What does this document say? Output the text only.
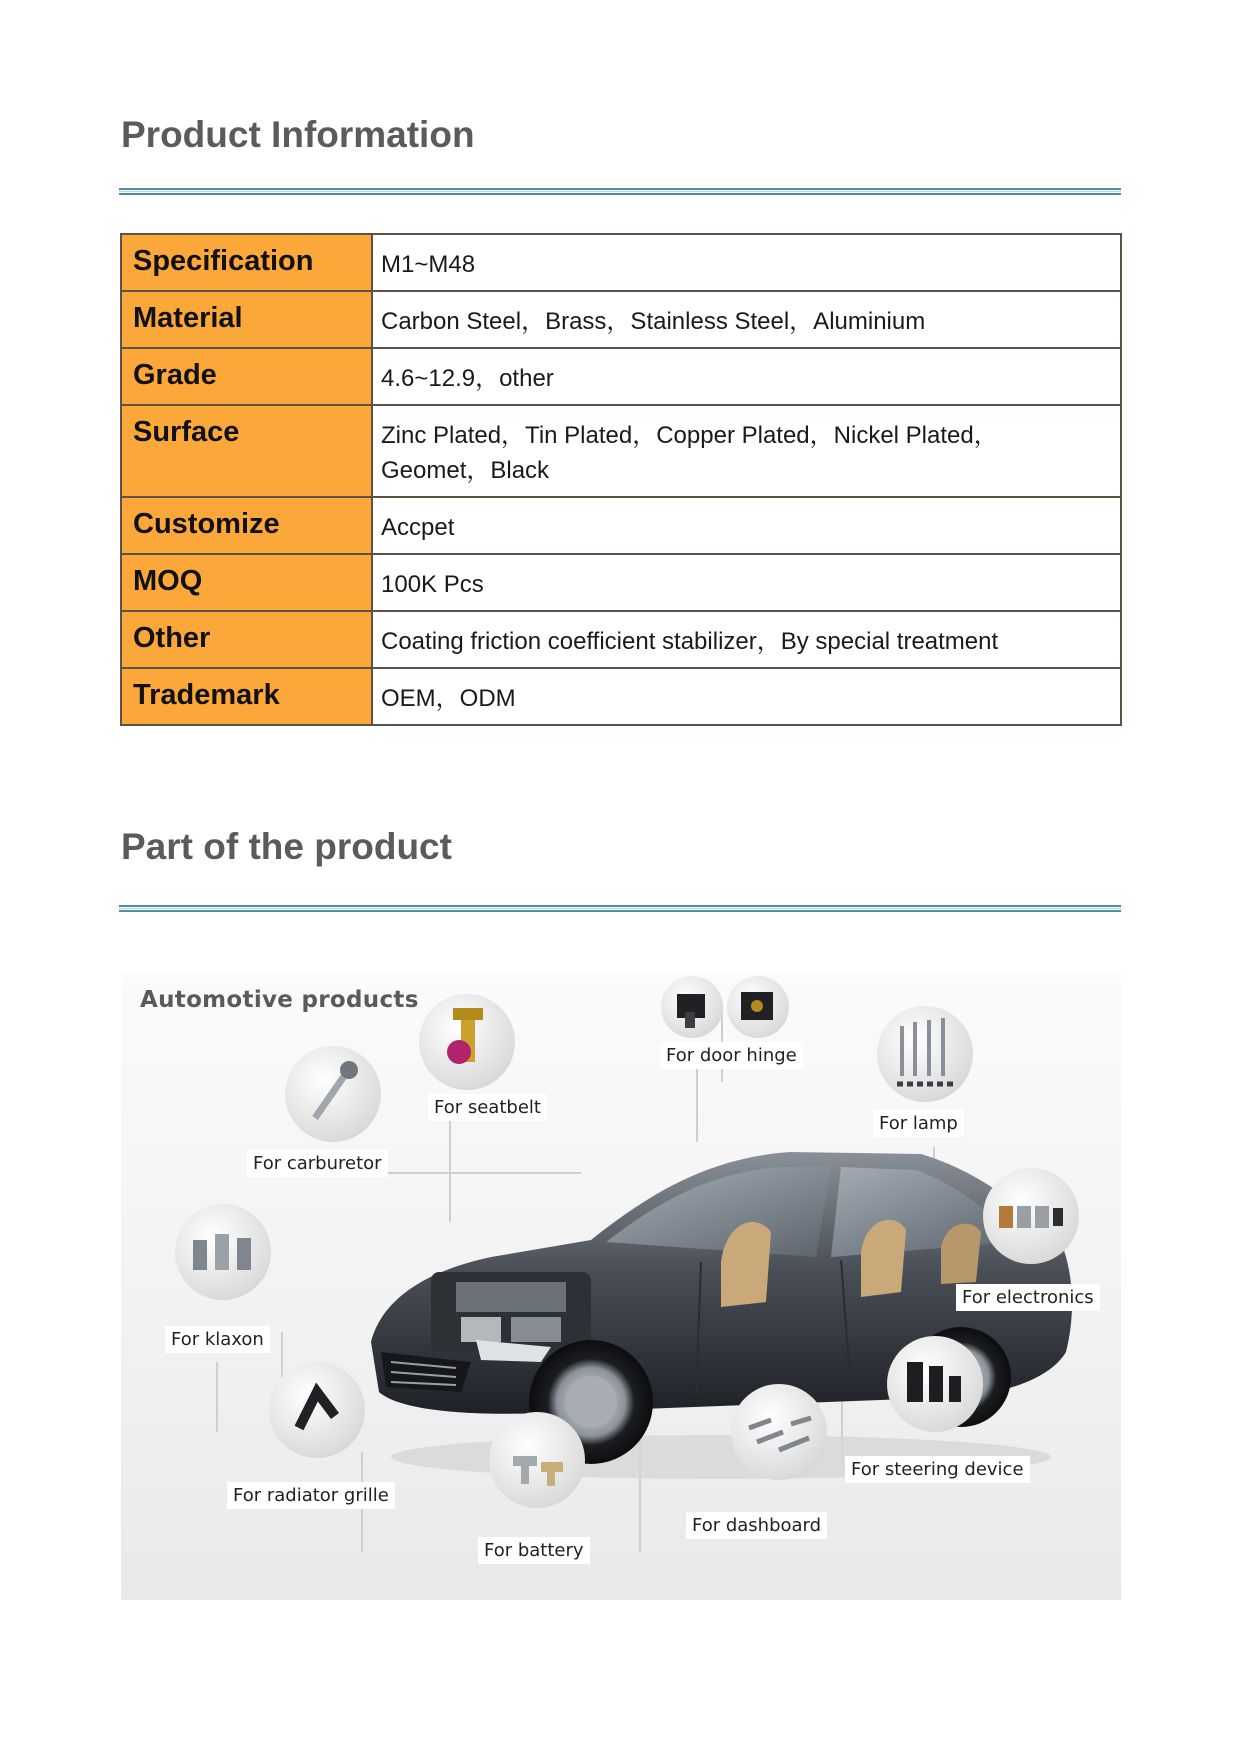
Product Information
Specification	M1~M48
Material	Carbon Steel，Brass，Stainless Steel，Aluminium
Grade	4.6~12.9，other
Surface	Zinc Plated，Tin Plated，Copper Plated，Nickel Plated，Geomet，Black
Customize	Accpet
MOQ	100K Pcs
Other	Coating friction coefficient stabilizer，By special treatment
Trademark	OEM，ODM
Part of the product
Automotive products
For door hinge
For seatbelt
For lamp
For carburetor
For electronics
For klaxon
For steering device
For radiator grille
For dashboard
For battery
